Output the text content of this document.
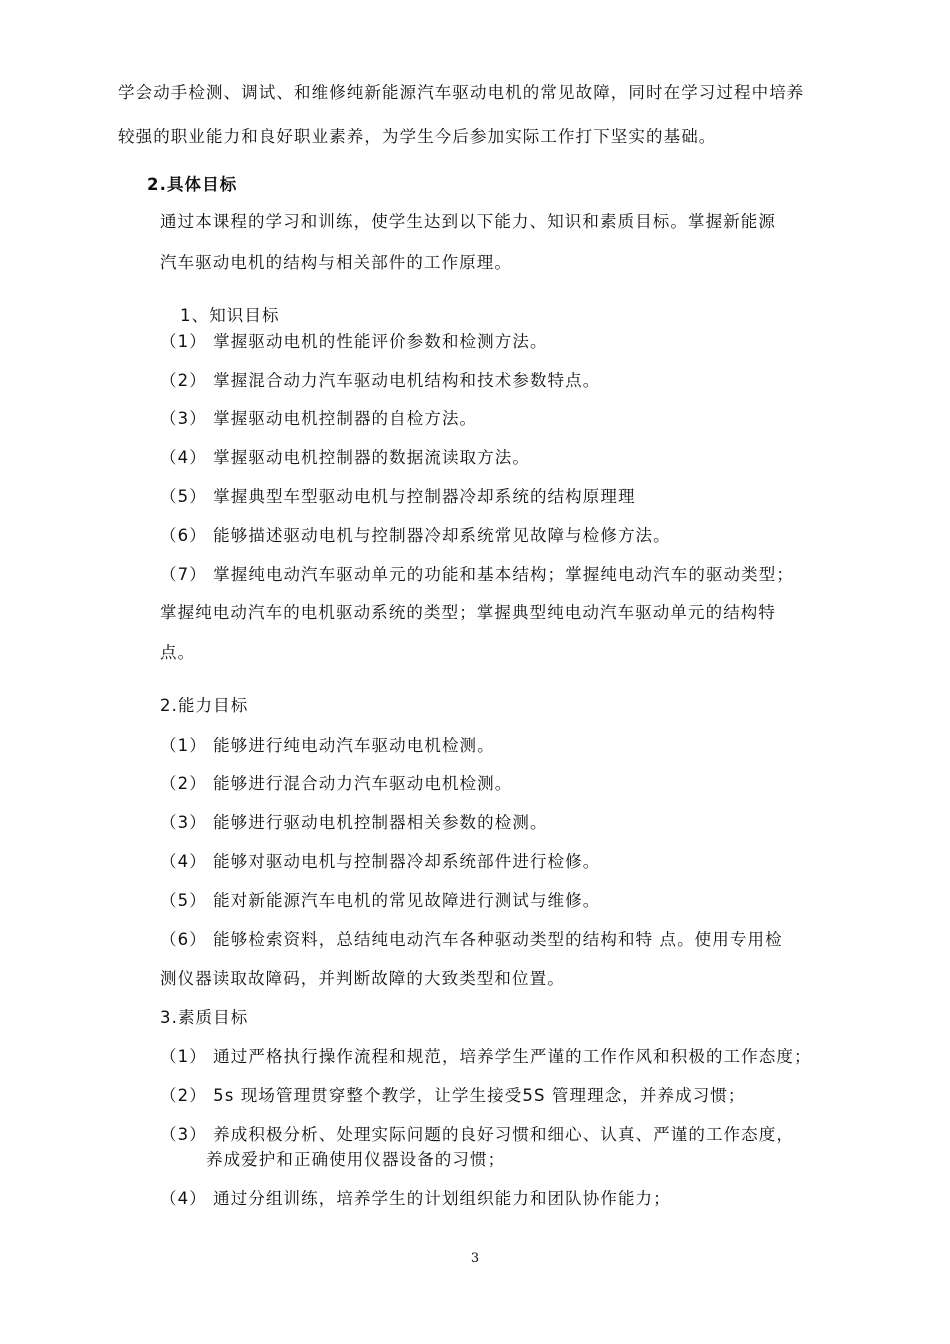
学会动手检测、调试、和维修纯新能源汽车驱动电机的常见故障，同时在学习过程中培养

较强的职业能力和良好职业素养，为学生今后参加实际工作打下坚实的基础。

2.具体目标

通过本课程的学习和训练，使学生达到以下能力、知识和素质目标。掌握新能源

汽车驱动电机的结构与相关部件的工作原理。

1、知识目标

（1） 掌握驱动电机的性能评价参数和检测方法。

（2） 掌握混合动力汽车驱动电机结构和技术参数特点。

（3） 掌握驱动电机控制器的自检方法。

（4） 掌握驱动电机控制器的数据流读取方法。

（5） 掌握典型车型驱动电机与控制器冷却系统的结构原理理

（6） 能够描述驱动电机与控制器冷却系统常见故障与检修方法。

（7） 掌握纯电动汽车驱动单元的功能和基本结构；掌握纯电动汽车的驱动类型；

掌握纯电动汽车的电机驱动系统的类型；掌握典型纯电动汽车驱动单元的结构特

点。

2.能力目标

（1） 能够进行纯电动汽车驱动电机检测。

（2） 能够进行混合动力汽车驱动电机检测。

（3） 能够进行驱动电机控制器相关参数的检测。

（4） 能够对驱动电机与控制器冷却系统部件进行检修。

（5） 能对新能源汽车电机的常见故障进行测试与维修。

（6） 能够检索资料，总结纯电动汽车各种驱动类型的结构和特 点。使用专用检

测仪器读取故障码，并判断故障的大致类型和位置。

3.素质目标

（1） 通过严格执行操作流程和规范，培养学生严谨的工作作风和积极的工作态度；

（2） 5s 现场管理贯穿整个教学，让学生接受5S 管理理念，并养成习惯；

（3） 养成积极分析、处理实际问题的良好习惯和细心、认真、严谨的工作态度，

养成爱护和正确使用仪器设备的习惯；

（4） 通过分组训练，培养学生的计划组织能力和团队协作能力；

3
